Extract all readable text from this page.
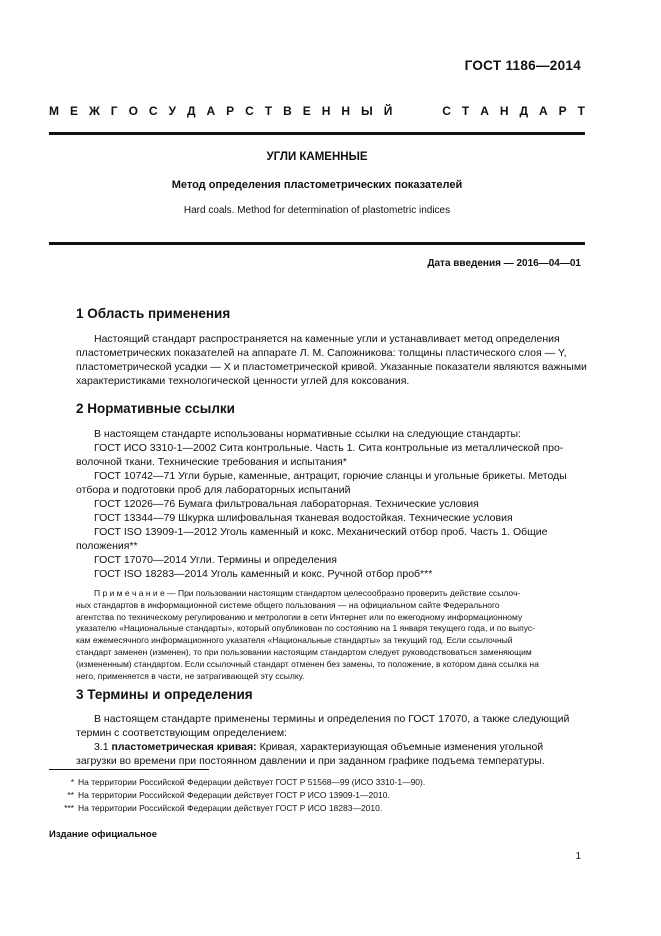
ГОСТ 1186—2014
М Е Ж Г О С У Д А Р С Т В Е Н Н Ы Й	С Т А Н Д А Р Т
УГЛИ КАМЕННЫЕ
Метод определения пластометрических показателей
Hard coals. Method for determination of plastometric indices
Дата введения — 2016—04—01
1 Область применения
Настоящий стандарт распространяется на каменные угли и устанавливает метод определения
пластометрических показателей на аппарате Л. М. Сапожникова: толщины пластического слоя — Y,
пластометрической усадки — X и пластометрической кривой. Указанные показатели являются важными
характеристиками технологической ценности углей для коксования.
2 Нормативные ссылки
В настоящем стандарте использованы нормативные ссылки на следующие стандарты:
ГОСТ ИСО 3310-1—2002 Сита контрольные. Часть 1. Сита контрольные из металлической про-
волочной ткани. Технические требования и испытания*
ГОСТ 10742—71 Угли бурые, каменные, антрацит, горючие сланцы и угольные брикеты. Методы
отбора и подготовки проб для лабораторных испытаний
ГОСТ 12026—76 Бумага фильтровальная лабораторная. Технические условия
ГОСТ 13344—79 Шкурка шлифовальная тканевая водостойкая. Технические условия
ГОСТ ISO 13909-1—2012 Уголь каменный и кокс. Механический отбор проб. Часть 1. Общие
положения**
ГОСТ 17070—2014 Угли. Термины и определения
ГОСТ ISO 18283—2014 Уголь каменный и кокс. Ручной отбор проб***
П р и м е ч а н и е — При пользовании настоящим стандартом целесообразно проверить действие ссылоч-
ных стандартов в информационной системе общего пользования — на официальном сайте Федерального
агентства по техническому регулированию и метрологии в сети Интернет или по ежегодному информационному
указателю «Национальные стандарты», который опубликован по состоянию на 1 января текущего года, и по выпус-
кам ежемесячного информационного указателя «Национальные стандарты» за текущий год. Если ссылочный
стандарт заменен (изменен), то при пользовании настоящим стандартом следует руководствоваться заменяющим
(измененным) стандартом. Если ссылочный стандарт отменен без замены, то положение, в котором дана ссылка на
него, применяется в части, не затрагивающей эту ссылку.
3 Термины и определения
В настоящем стандарте применены термины и определения по ГОСТ 17070, а также следующий
термин с соответствующим определением:
3.1 пластометрическая кривая: Кривая, характеризующая объемные изменения угольной
загрузки во времени при постоянном давлении и при заданном графике подъема температуры.
* На территории Российской Федерации действует ГОСТ Р 51568—99 (ИСО 3310-1—90).
** На территории Российской Федерации действует ГОСТ Р ИСО 13909-1—2010.
*** На территории Российской Федерации действует ГОСТ Р ИСО 18283—2010.
Издание официальное
1
